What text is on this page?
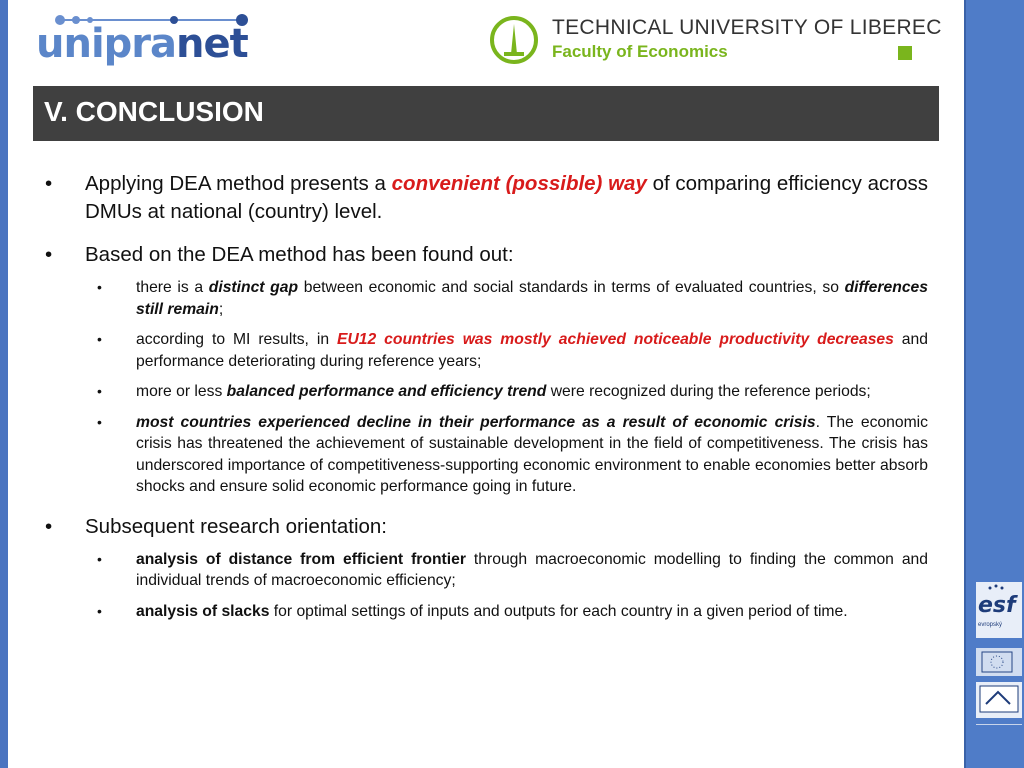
unipranet	TECHNICAL UNIVERSITY OF LIBEREC
Faculty of Economics
V. CONCLUSION
• Applying DEA method presents a convenient (possible) way of comparing efficiency across DMUs at national (country) level.
• Based on the DEA method has been found out:
• there is a distinct gap between economic and social standards in terms of evaluated countries, so differences still remain;
• according to MI results, in EU12 countries was mostly achieved noticeable productivity decreases and performance deteriorating during reference years;
• more or less balanced performance and efficiency trend were recognized during the reference periods;
• most countries experienced decline in their performance as a result of economic crisis. The economic crisis has threatened the achievement of sustainable development in the field of competitiveness. The crisis has underscored importance of competitiveness-supporting economic environment to enable economies better absorb shocks and ensure solid economic performance going in future.
• Subsequent research orientation:
• analysis of distance from efficient frontier through macroeconomic modelling to finding the common and individual trends of macroeconomic efficiency;
• analysis of slacks for optimal settings of inputs and outputs for each country in a given period of time.	esf
evropský
